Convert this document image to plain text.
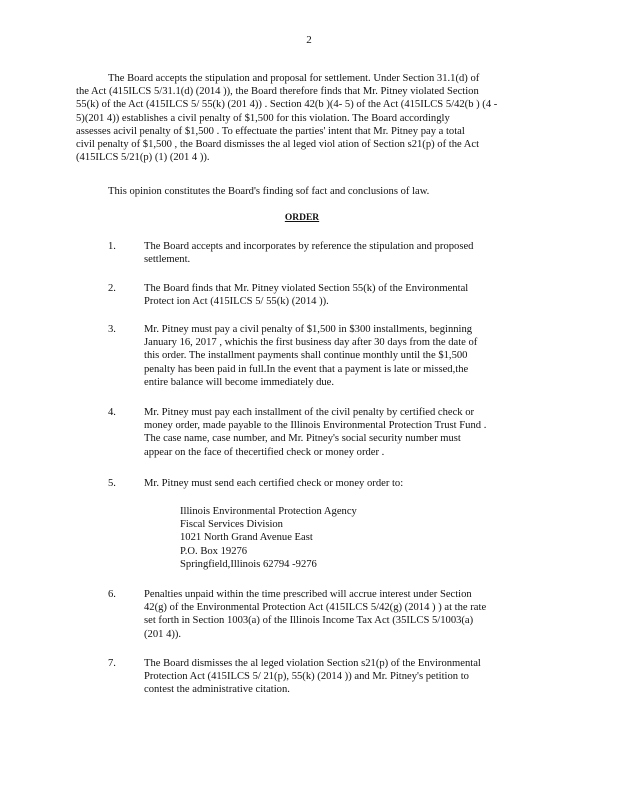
2
The Board accepts the stipulation and proposal for settlement. Under Section 31.1(d) of
the Act (415ILCS 5/31.1(d) (2014 )), the Board therefore finds that Mr. Pitney violated Section
55(k) of the Act (415ILCS 5/ 55(k) (201 4)) . Section 42(b )(4- 5) of the Act (415ILCS 5/42(b ) (4 -
5)(201 4)) establishes a civil penalty of $1,500 for this violation. The Board accordingly
assesses acivil penalty of $1,500 . To effectuate the parties' intent that Mr. Pitney pay a total
civil penalty of $1,500 , the Board dismisses the al leged viol ation of Section s21(p) of the Act
(415ILCS 5/21(p) (1) (201 4 )).
This opinion constitutes the Board's finding sof fact and conclusions of law.
ORDER
1.	The Board accepts and incorporates by reference the stipulation and proposed
settlement.
2.	The Board finds that Mr. Pitney violated Section 55(k) of the Environmental
Protect ion Act (415ILCS 5/ 55(k) (2014 )).
3.	Mr. Pitney must pay a civil penalty of $1,500 in $300 installments, beginning
January 16, 2017 , whichis the first business day after 30 days from the date of
this order. The installment payments shall continue monthly until the $1,500
penalty has been paid in full.In the event that a payment is late or missed,the
entire balance will become immediately due.
4.	Mr. Pitney must pay each installment of the civil penalty by certified check or
money order, made payable to the Illinois Environmental Protection Trust Fund .
The case name, case number, and Mr. Pitney's social security number must
appear on the face of thecertified check or money order .
5.	Mr. Pitney must send each certified check or money order to:
Illinois Environmental Protection Agency
Fiscal Services Division
1021 North Grand Avenue East
P.O. Box 19276
Springfield,Illinois 62794 -9276
6.	Penalties unpaid within the time prescribed will accrue interest under Section
42(g) of the Environmental Protection Act (415ILCS 5/42(g) (2014 ) ) at the rate
set forth in Section 1003(a) of the Illinois Income Tax Act (35ILCS 5/1003(a)
(201 4)).
7.	The Board dismisses the al leged violation Section s21(p) of the Environmental
Protection Act (415ILCS 5/ 21(p), 55(k) (2014 )) and Mr. Pitney's petition to
contest the administrative citation.
